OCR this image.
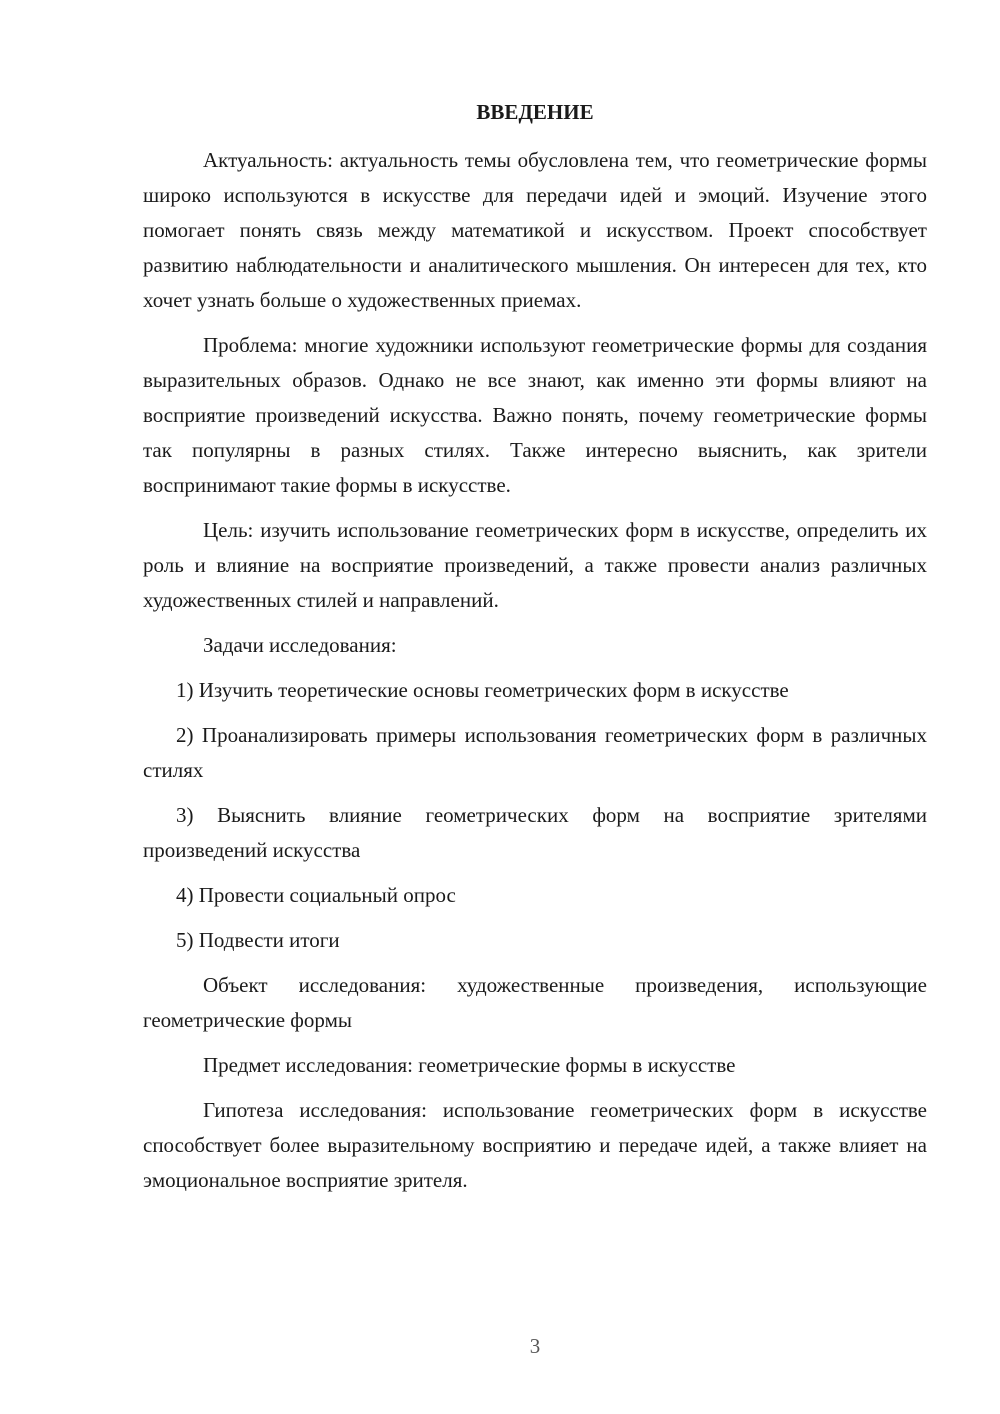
ВВЕДЕНИЕ

Актуальность: актуальность темы обусловлена тем, что геометрические формы широко используются в искусстве для передачи идей и эмоций. Изучение этого помогает понять связь между математикой и искусством. Проект способствует развитию наблюдательности и аналитического мышления. Он интересен для тех, кто хочет узнать больше о художественных приемах.

Проблема: многие художники используют геометрические формы для создания выразительных образов. Однако не все знают, как именно эти формы влияют на восприятие произведений искусства. Важно понять, почему геометрические формы так популярны в разных стилях. Также интересно выяснить, как зрители воспринимают такие формы в искусстве.

Цель: изучить использование геометрических форм в искусстве, определить их роль и влияние на восприятие произведений, а также провести анализ различных художественных стилей и направлений.

Задачи исследования:

1) Изучить теоретические основы геометрических форм в искусстве

2) Проанализировать примеры использования геометрических форм в различных стилях

3) Выяснить влияние геометрических форм на восприятие зрителями произведений искусства

4) Провести социальный опрос

5) Подвести итоги

Объект исследования: художественные произведения, использующие геометрические формы

Предмет исследования: геометрические формы в искусстве

Гипотеза исследования: использование геометрических форм в искусстве способствует более выразительному восприятию и передаче идей, а также влияет на эмоциональное восприятие зрителя.

3
